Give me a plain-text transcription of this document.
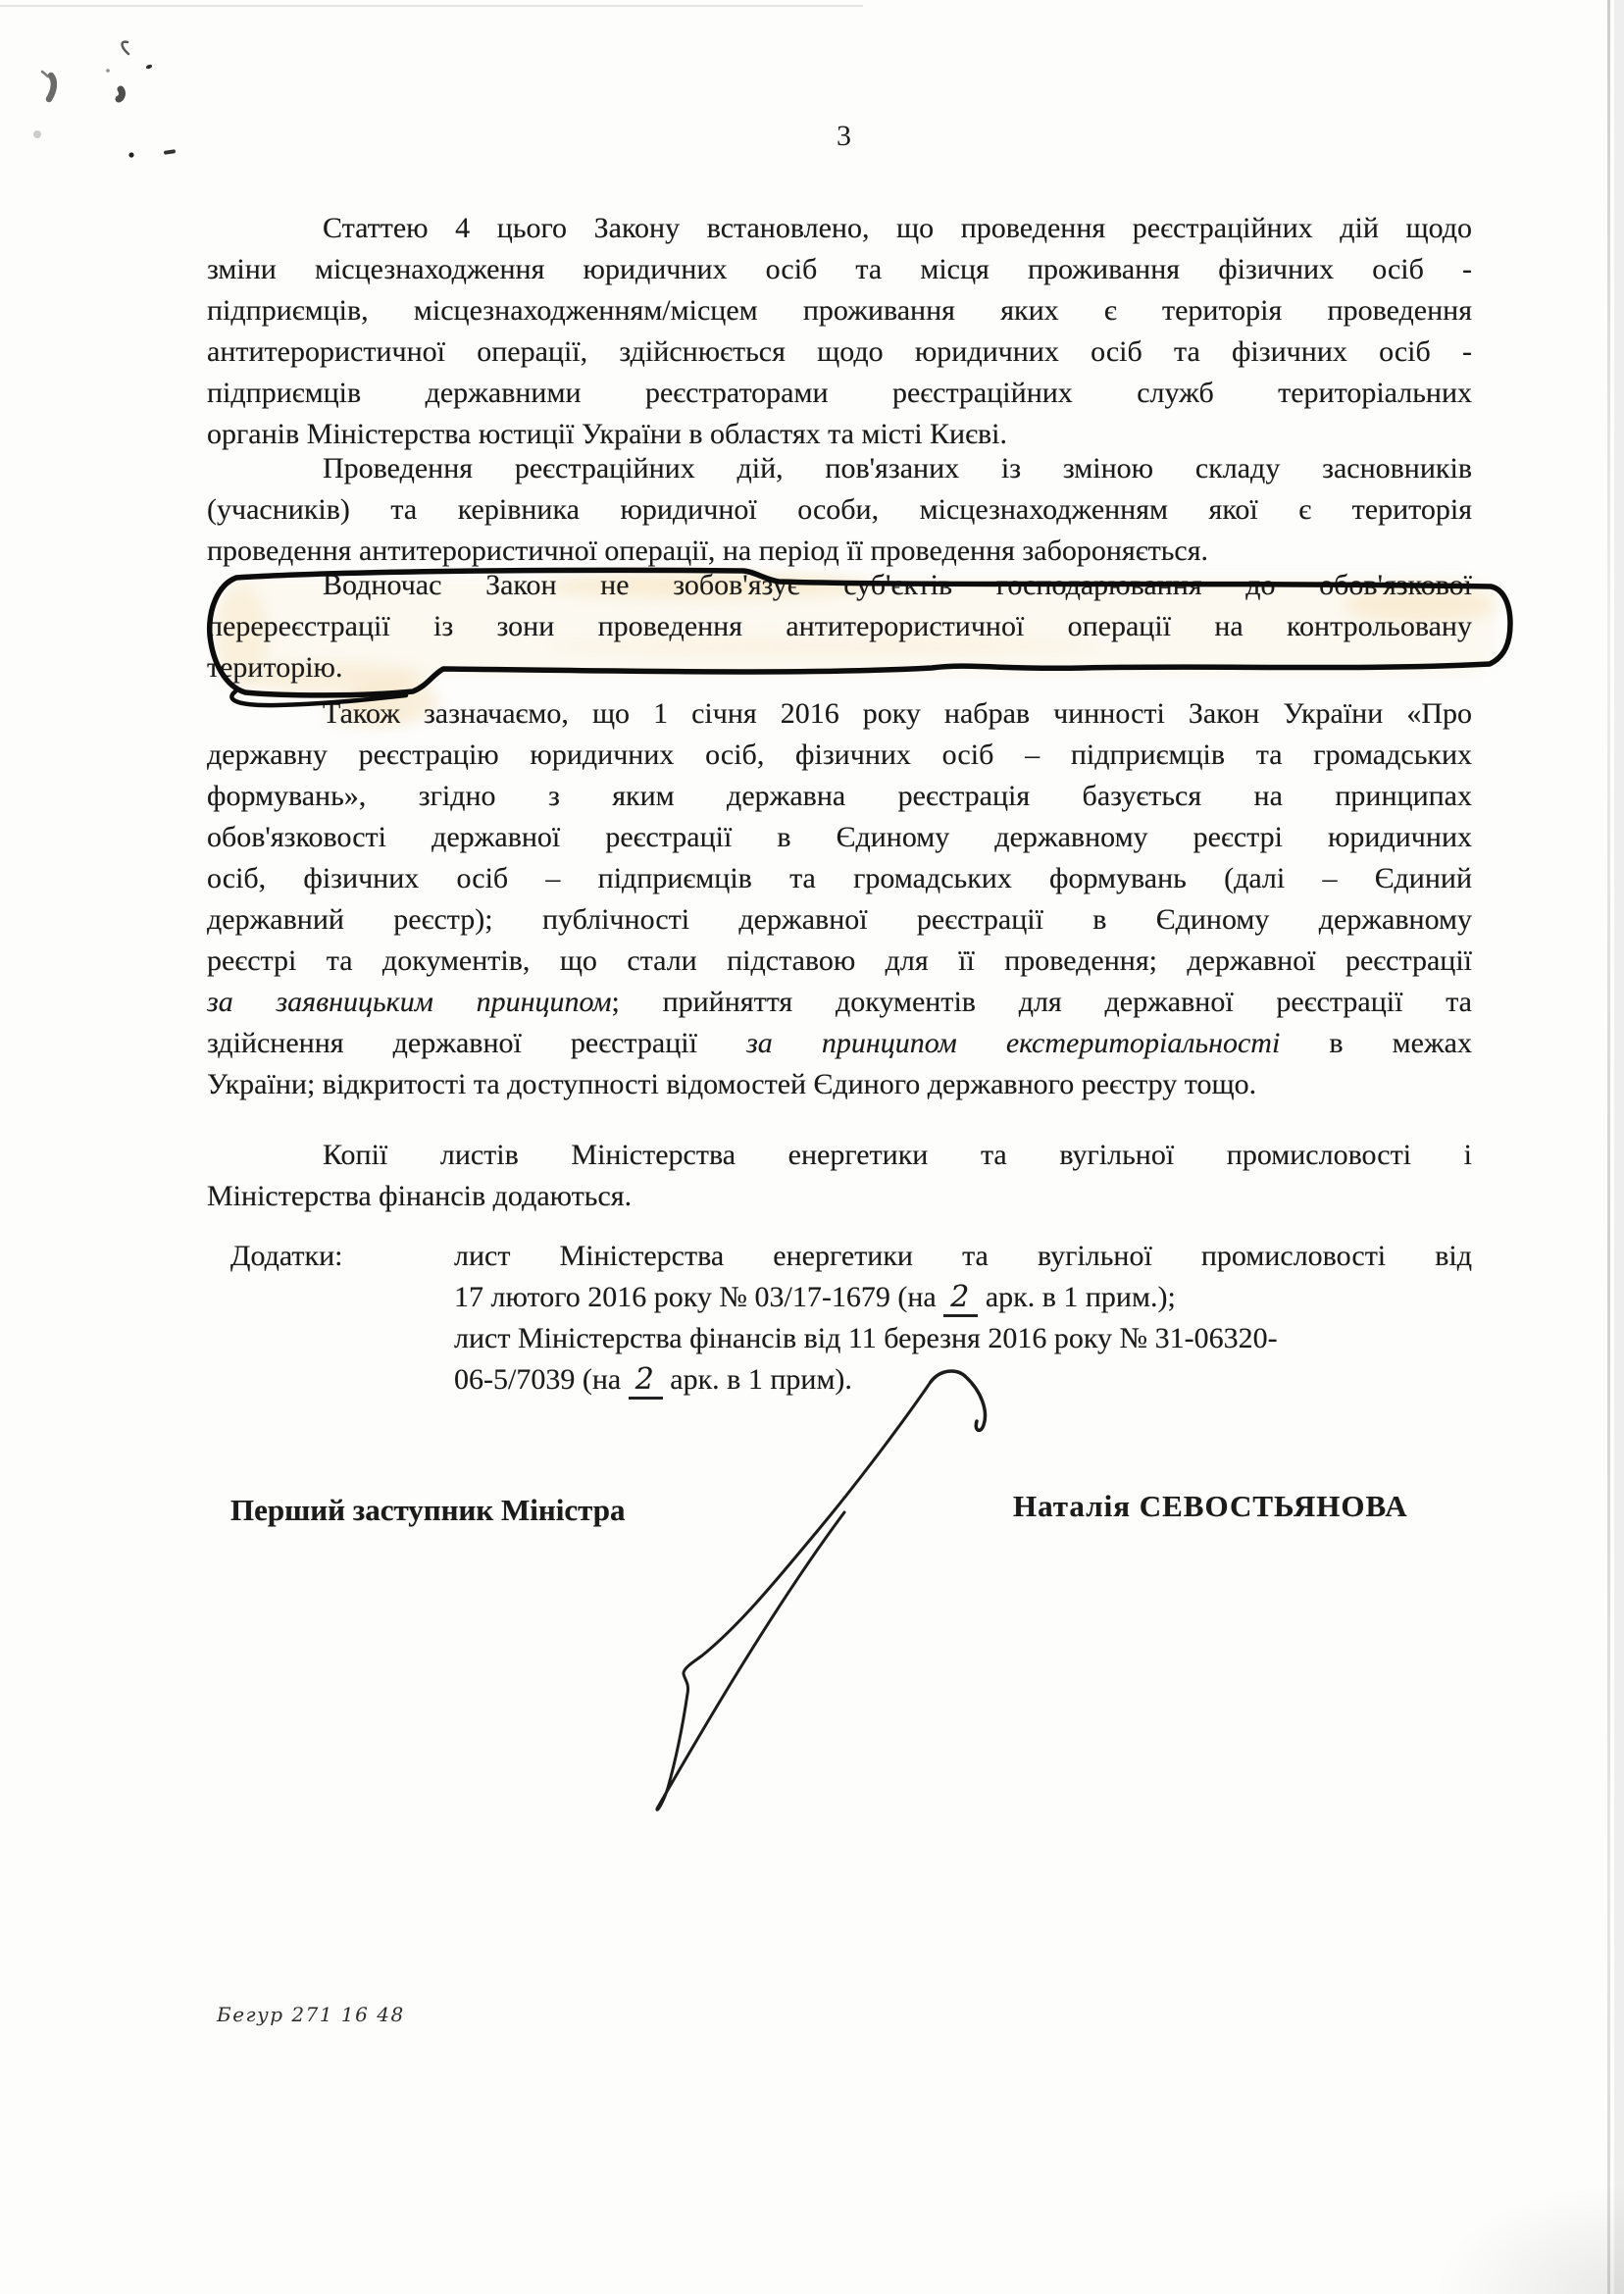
3
Статтею 4 цього Закону встановлено, що проведення реєстраційних дій щодо
зміни місцезнаходження юридичних осіб та місця проживання фізичних осіб -
підприємців, місцезнаходженням/місцем проживання яких є територія проведення
антитерористичної операції, здійснюється щодо юридичних осіб та фізичних осіб -
підприємців державними реєстраторами реєстраційних служб територіальних
органів Міністерства юстиції України в областях та місті Києві.
Проведення реєстраційних дій, пов'язаних із зміною складу засновників
(учасників) та керівника юридичної особи, місцезнаходженням якої є територія
проведення антитерористичної операції, на період її проведення забороняється.
Водночас Закон не зобов'язує суб'єктів господарювання до обов'язкової
перереєстрації із зони проведення антитерористичної операції на контрольовану
територію.
Також зазначаємо, що 1 січня 2016 року набрав чинності Закон України «Про
державну реєстрацію юридичних осіб, фізичних осіб – підприємців та громадських
формувань», згідно з яким державна реєстрація базується на принципах
обов'язковості державної реєстрації в Єдиному державному реєстрі юридичних
осіб, фізичних осіб – підприємців та громадських формувань (далі – Єдиний
державний реєстр); публічності державної реєстрації в Єдиному державному
реєстрі та документів, що стали підставою для її проведення; державної реєстрації
за заявницьким принципом; прийняття документів для державної реєстрації та
здійснення державної реєстрації за принципом екстериторіальності в межах
України; відкритості та доступності відомостей Єдиного державного реєстру тощо.
Копії листів Міністерства енергетики та вугільної промисловості і
Міністерства фінансів додаються.
Додатки:	лист Міністерства енергетики та вугільної промисловості від
17 лютого 2016 року № 03/17-1679 (на 2 арк. в 1 прим.);
лист Міністерства фінансів від 11 березня 2016 року № 31-06320-
06-5/7039 (на 2 арк. в 1 прим).
Перший заступник Міністра	Наталія СЕВОСТЬЯНОВА
Бегур 271 16 48
